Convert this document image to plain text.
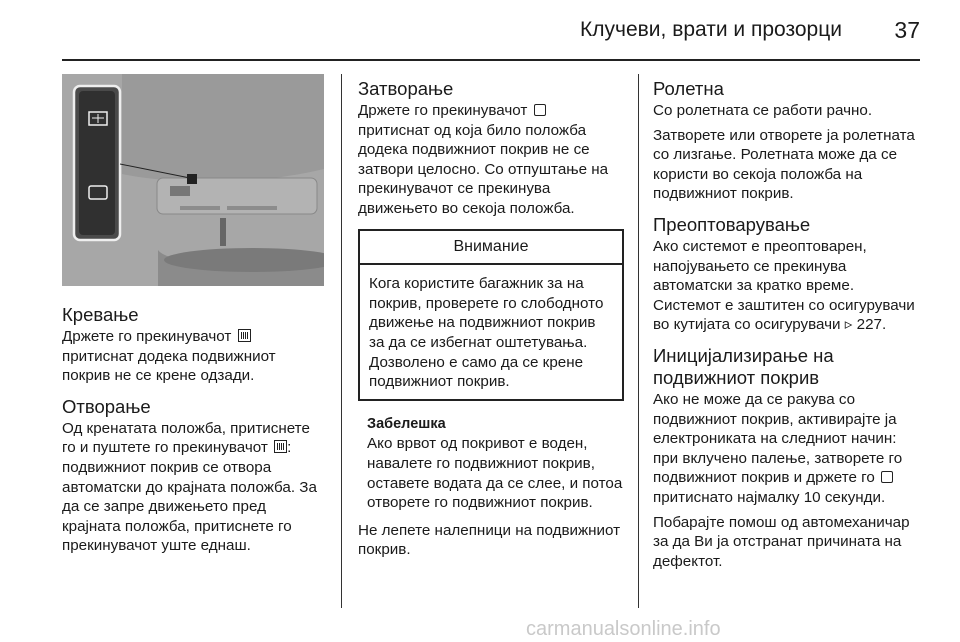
Клучеви, врати и прозорци 37
Кревање

Држете го прекинувачот
притиснат додека подвижниот покрив не се крене одзади.

Отворање

Од кренатата положба, притиснете го и пуштете го прекинувачот : подвижниот покрив се отвора автоматски до крајната положба. За да се запре движењето пред крајната положба, притиснете го прекинувачот уште еднаш.

Затворање

Држете го прекинувачот
притиснат од која било положба додека подвижниот покрив не се затвори целосно. Со отпуштање на прекинувачот се прекинува движењето во секоја положба.

Внимание

Кога користите багажник за на покрив, проверете го слободното движење на подвижниот покрив за да се избегнат оштетувања.

Дозволено е само да се крене подвижниот покрив.

Забелешка
Ако врвот од покривот е воден, навалете го подвижниот покрив, оставете водата да се слее, и потоа отворете го подвижниот покрив.

Не лепете налепници на подвижниот покрив.

Ролетна

Со ролетната се работи рачно.

Затворете или отворете ја ролетната со лизгање. Ролетната може да се користи во секоја положба на подвижниот покрив.

Преоптоварување

Ако системот е преоптоварен, напојувањето се прекинува автоматски за кратко време. Системот е заштитен со осигурувачи во кутијата со осигурувачи ▹ 227.

Иницијализирање на подвижниот покрив

Ако не може да се ракува со подвижниот покрив, активирајте ја електрониката на следниот начин: при вклучено палење, затворете го подвижниот покрив и држете го
притиснато најмалку 10 секунди.

Побарајте помош од автомеханичар за да Ви ја отстранат причината на дефектот.

carmanualsonline.info
